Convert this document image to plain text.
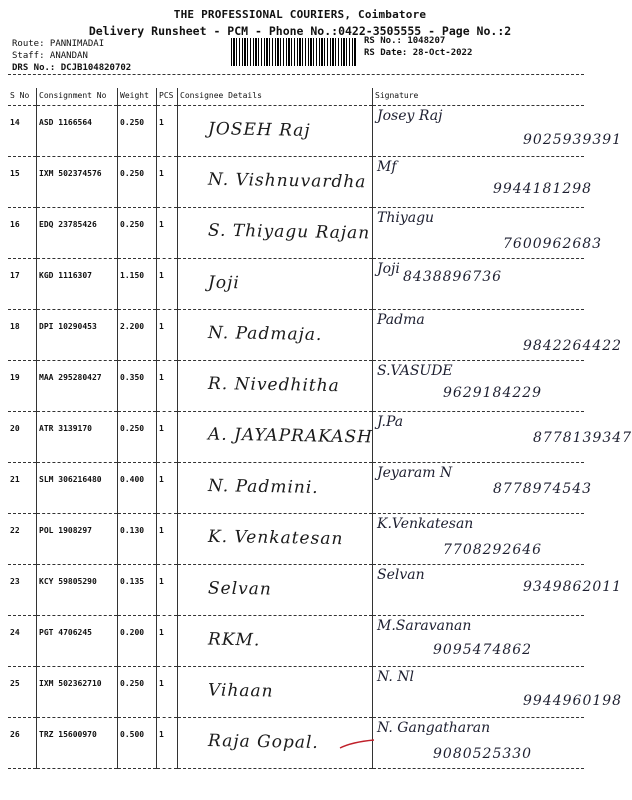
THE PROFESSIONAL COURIERS, Coimbatore
Delivery Runsheet - PCM - Phone No.:0422-3505555 - Page No.:2
Route: PANNIMADAI
Staff: ANANDAN
DRS No.: DCJB104820702
RS No.: 1048207
RS Date: 28-Oct-2022
S No	Consignment No	Weight	PCS	Consignee Details	Signature
14	ASD 1166564	0.250	1	JOSEH Raj	Josey Raj
9025939391

15	IXM 502374576	0.250	1	N. Vishnuvardha	Mf
9944181298

16	EDQ 23785426	0.250	1	S. Thiyagu Rajan	Thiyagu
7600962683

17	KGD 1116307	1.150	1	Joji	Joji 8438896736

18	DPI 10290453	2.200	1	N. Padmaja.	Padma
9842264422

19	MAA 295280427	0.350	1	R. Nivedhitha	S.VASUDE
9629184229

20	ATR 3139170	0.250	1	A. JAYAPRAKASH	J.Pa
8778139347

21	SLM 306216480	0.400	1	N. Padmini.	Jeyaram N
8778974543

22	POL 1908297	0.130	1	K. Venkatesan	K.Venkatesan
7708292646

23	KCY 59805290	0.135	1	Selvan	Selvan
9349862011

24	PGT 4706245	0.200	1	RKM.	M.Saravanan
9095474862

25	IXM 502362710	0.250	1	Vihaan	N. Nl
9944960198

26	TRZ 15600970	0.500	1	Raja Gopal.	N. Gangatharan
9080525330
